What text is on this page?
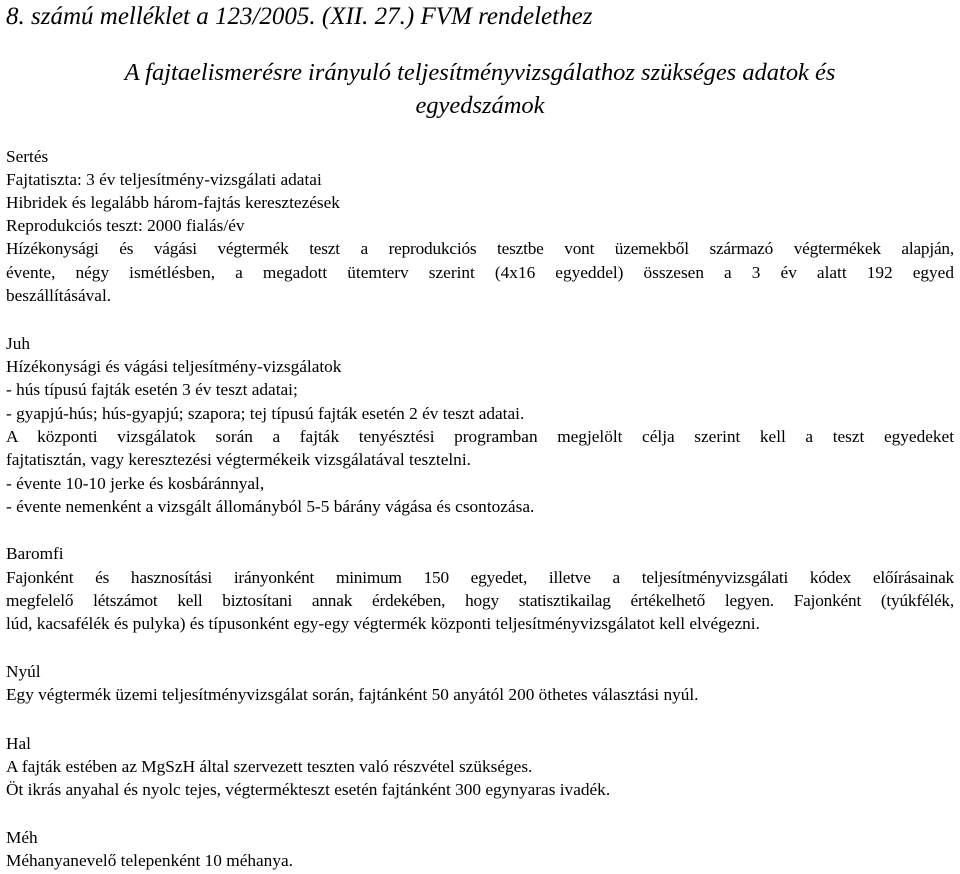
8. számú melléklet a 123/2005. (XII. 27.) FVM rendelethez
A fajtaelismerésre irányuló teljesítményvizsgálathoz szükséges adatok és
egyedszámok
Sertés
Fajtatiszta: 3 év teljesítmény-vizsgálati adatai
Hibridek és legalább három-fajtás keresztezések
Reprodukciós teszt: 2000 fialás/év
Hízékonysági és vágási végtermék teszt a reprodukciós tesztbe vont üzemekből származó végtermékek alapján,
évente, négy ismétlésben, a megadott ütemterv szerint (4x16 egyeddel) összesen a 3 év alatt 192 egyed
beszállításával.
Juh
Hízékonysági és vágási teljesítmény-vizsgálatok
- hús típusú fajták esetén 3 év teszt adatai;
- gyapjú-hús; hús-gyapjú; szapora; tej típusú fajták esetén 2 év teszt adatai.
A központi vizsgálatok során a fajták tenyésztési programban megjelölt célja szerint kell a teszt egyedeket
fajtatisztán, vagy keresztezési végtermékeik vizsgálatával tesztelni.
- évente 10-10 jerke és kosbáránnyal,
- évente nemenként a vizsgált állományból 5-5 bárány vágása és csontozása.
Baromfi
Fajonként és hasznosítási irányonként minimum 150 egyedet, illetve a teljesítményvizsgálati kódex előírásainak
megfelelő létszámot kell biztosítani annak érdekében, hogy statisztikailag értékelhető legyen. Fajonként (tyúkfélék,
lúd, kacsafélék és pulyka) és típusonként egy-egy végtermék központi teljesítményvizsgálatot kell elvégezni.
Nyúl
Egy végtermék üzemi teljesítményvizsgálat során, fajtánként 50 anyától 200 öthetes választási nyúl.
Hal
A fajták estében az MgSzH által szervezett teszten való részvétel szükséges.
Öt ikrás anyahal és nyolc tejes, végtermékteszt esetén fajtánként 300 egynyaras ivadék.
Méh
Méhanyanevelő telepenként 10 méhanya.
